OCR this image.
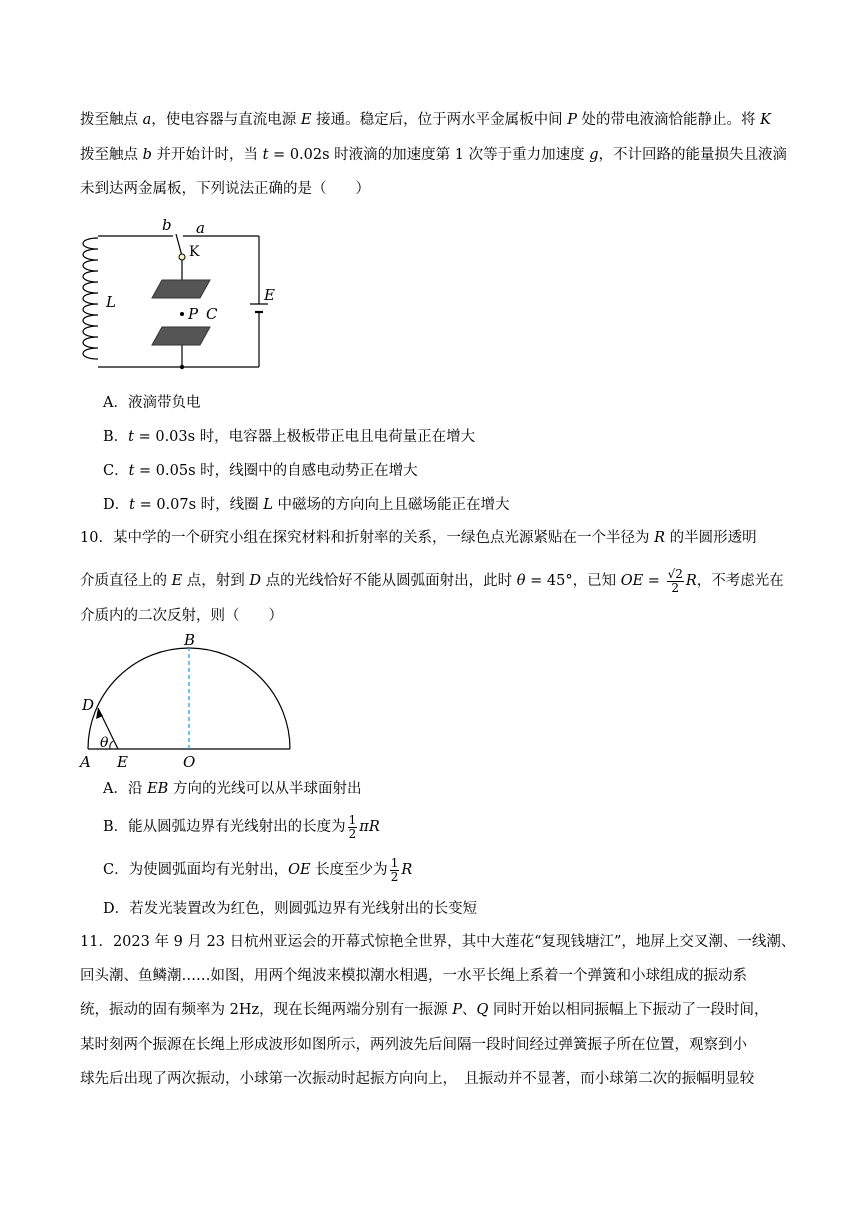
拨至触点 a，使电容器与直流电源 E 接通。稳定后，位于两水平金属板中间 P 处的带电液滴恰能静止。将 K
拨至触点 b 并开始计时，当 t = 0.02s 时液滴的加速度第 1 次等于重力加速度 g，不计回路的能量损失且液滴
未到达两金属板，下列说法正确的是（　　）
b a
K
L	E
P C
A．液滴带负电
B．t = 0.03s 时，电容器上极板带正电且电荷量正在增大
C．t = 0.05s 时，线圈中的自感电动势正在增大
D．t = 0.07s 时，线圈 L 中磁场的方向向上且磁场能正在增大
10．某中学的一个研究小组在探究材料和折射率的关系，一绿色点光源紧贴在一个半径为 R 的半圆形透明
介质直径上的 E 点，射到 D 点的光线恰好不能从圆弧面射出，此时 θ = 45°，已知 OE = $\frac{√2}{2}$ R，不考虑光在
介质内的二次反射，则（　　）
B
D
θ
A E	O
A．沿 EB 方向的光线可以从半球面射出
B．能从圆弧边界有光线射出的长度为 $\frac{1}{2}$ πR
C．为使圆弧面均有光射出，OE 长度至少为 $\frac{1}{2}$ R
D．若发光装置改为红色，则圆弧边界有光线射出的长变短
11．2023 年 9 月 23 日杭州亚运会的开幕式惊艳全世界，其中大莲花“复现钱塘江”，地屏上交叉潮、一线潮、
回头潮、鱼鳞潮……如图，用两个绳波来模拟潮水相遇，一水平长绳上系着一个弹簧和小球组成的振动系
统，振动的固有频率为 2Hz，现在长绳两端分别有一振源 P、Q 同时开始以相同振幅上下振动了一段时间，
某时刻两个振源在长绳上形成波形如图所示，两列波先后间隔一段时间经过弹簧振子所在位置，观察到小
球先后出现了两次振动，小球第一次振动时起振方向向上，　且振动并不显著，而小球第二次的振幅明显较
